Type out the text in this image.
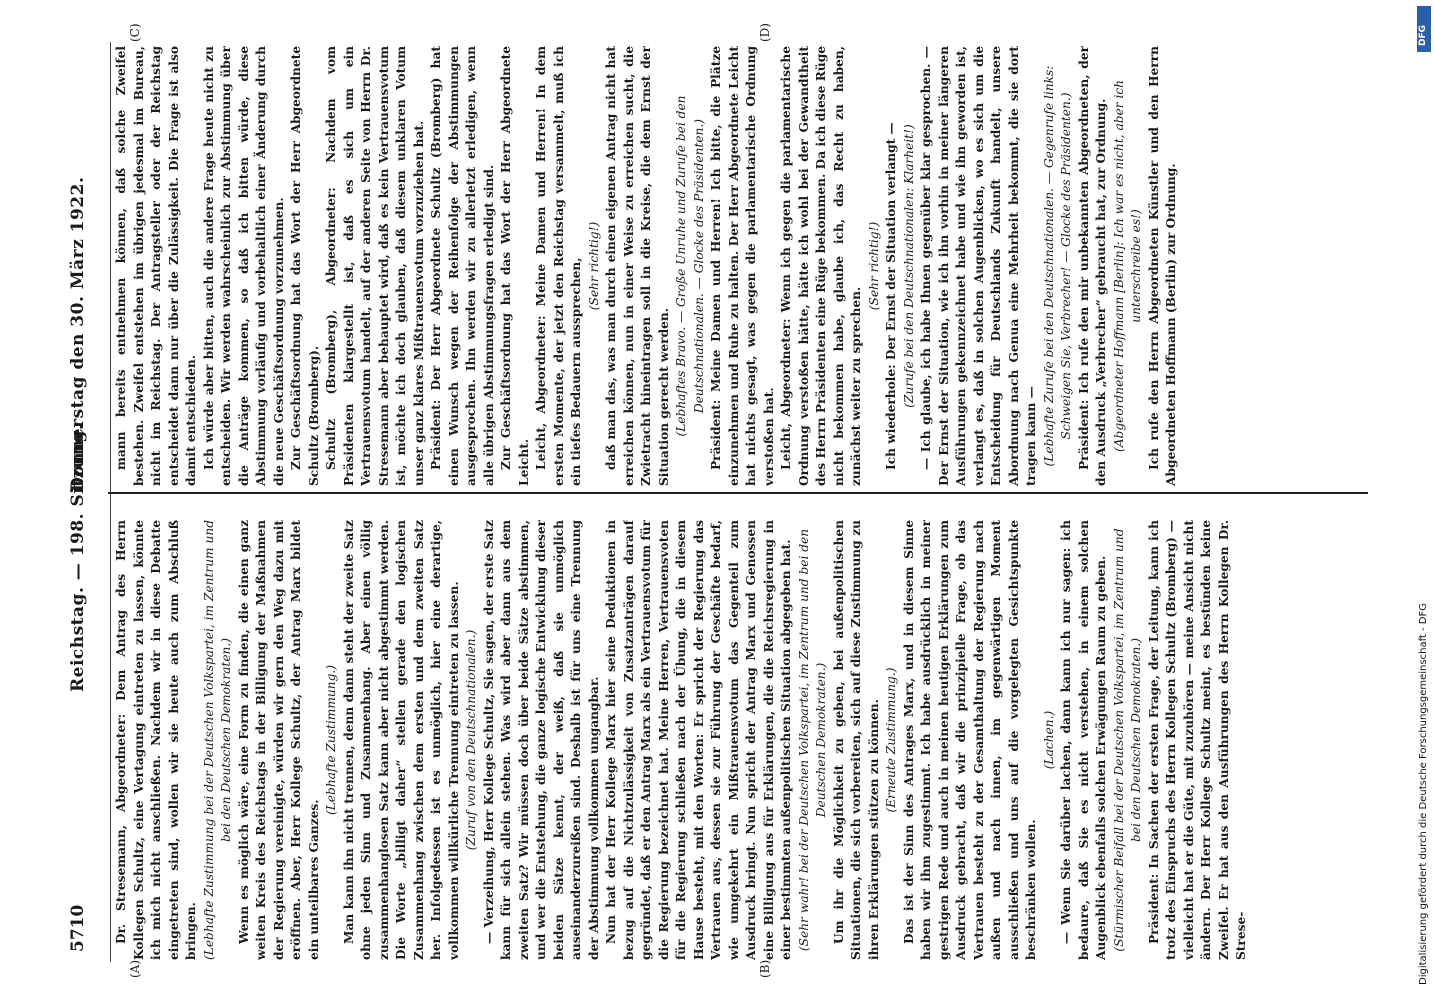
5710
Reichstag. — 198. Sitzung.
Donnerstag den 30. März 1922.
(A)	(B)
(C)	(D)

Dr. Stresemann, Abgeordneter: Dem Antrag des Herrn Kollegen Schultz, eine Vertagung eintreten zu lassen, könnte ich mich nicht anschließen. Nachdem wir in diese Debatte eingetreten sind, wollen wir sie heute auch zum Abschluß bringen. (Lebhafte Zustimmung bei der Deutschen Volkspartei, im Zentrum und bei den Deutschen Demokraten.) Wenn es möglich wäre, eine Form zu finden, die einen ganz weiten Kreis des Reichstags in der Billigung der Maßnahmen der Regierung vereinigte, würden wir gern den Weg dazu mit eröffnen. Aber, Herr Kollege Schultz, der Antrag Marx bildet ein unteilbares Ganzes.

(Lebhafte Zustimmung.) Man kann ihn nicht trennen, denn dann steht der zweite Satz ohne jeden Sinn und Zusammenhang. Aber einen völlig zusammenhanglosen Satz kann aber nicht abgestimmt werden. Die Worte „billigt daher“ stellen gerade den logischen Zusammenhang zwischen dem ersten und dem zweiten Satz her. Infolgedessen ist es unmöglich, hier eine derartige, vollkommen willkürliche Trennung eintreten zu lassen. (Zuruf von den Deutschnationalen.) — Verzeihung, Herr Kollege Schultz, Sie sagen, der erste Satz kann für sich allein stehen. Was wird aber dann aus dem zweiten Satz? Wir müssen doch über beide Sätze abstimmen, und wer die Entstehung, die ganze logische Entwicklung dieser beiden Sätze kennt, der weiß, daß sie unmöglich auseinanderzureißen sind. Deshalb ist für uns eine Trennung der Abstimmung vollkommen ungangbar. Nun hat der Herr Kollege Marx hier seine Deduktionen in bezug auf die Nichtzulässigkeit von Zusatzanträgen darauf gegründet, daß er den Antrag Marx als ein Vertrauensvotum für die Regierung bezeichnet hat. Meine Herren, Vertrauensvoten für die Regierung schließen nach der Übung, die in diesem Hause besteht, mit den Worten: Er spricht der Regierung das Vertrauen aus, dessen sie zur Führung der Geschäfte bedarf, wie umgekehrt ein Mißtrauensvotum das Gegenteil zum Ausdruck bringt. Nun spricht der Antrag Marx und Genossen eine Billigung aus für Erklärungen, die die Reichsregierung in einer bestimmten außenpolitischen Situation abgegeben hat. (Sehr wahr! bei der Deutschen Volkspartei, im Zentrum und bei den Deutschen Demokraten.) Um ihr die Möglichkeit zu geben, bei außenpolitischen Situationen, die sich vorbereiten, sich auf diese Zustimmung zu ihren Erklärungen stützen zu können. (Erneute Zustimmung.) Das ist der Sinn des Antrages Marx, und in diesem Sinne haben wir ihm zugestimmt. Ich habe ausdrücklich in meiner gestrigen Rede und auch in meinen heutigen Erklärungen zum Ausdruck gebracht, daß wir die prinzipielle Frage, ob das Vertrauen besteht zu der Gesamthaltung der Regierung nach außen und nach innen, im gegenwärtigen Moment ausschließen und uns auf die vorgelegten Gesichtspunkte beschränken wollen.

(Lachen.) — Wenn Sie darüber lachen, dann kann ich nur sagen: ich bedaure, daß Sie es nicht verstehen, in einem solchen Augenblick ebenfalls solchen Erwägungen Raum zu geben. (Stürmischer Beifall bei der Deutschen Volkspartei, im Zentrum und bei den Deutschen Demokraten.) Präsident: In Sachen der ersten Frage, der Leitung, kann ich trotz des Einspruchs des Herrn Kollegen Schultz (Bromberg) — vielleicht hat er die Güte, mit zuzuhören — meine Ansicht nicht ändern. Der Herr Kollege Schultz meint, es bestünden keine Zweifel. Er hat aus den Ausführungen des Herrn Kollegen Dr. Strese-

mann bereits entnehmen können, daß solche Zweifel bestehen. Zweifel entstehen im übrigen jedesmal im Bureau, nicht im Reichstag. Der Antragsteller oder der Reichstag entscheidet dann nur über die Zulässigkeit. Die Frage ist also damit entschieden. Ich würde aber bitten, auch die andere Frage heute nicht zu entscheiden. Wir werden wahrscheinlich zur Abstimmung über die Anträge kommen, so daß ich bitten würde, diese Abstimmung vorläufig und vorbehaltlich einer Änderung durch die neue Geschäftsordnung vorzunehmen. Zur Geschäftsordnung hat das Wort der Herr Abgeordnete Schultz (Bromberg). Schultz (Bromberg), Abgeordneter: Nachdem vom Präsidenten klargestellt ist, daß es sich um ein Vertrauensvotum handelt, auf der anderen Seite von Herrn Dr. Stresemann aber behauptet wird, daß es kein Vertrauensvotum ist, möchte ich doch glauben, daß diesem unklaren Votum unser ganz klares Mißtrauensvotum vorzuziehen hat. Präsident: Der Herr Abgeordnete Schultz (Bromberg) hat einen Wunsch wegen der Reihenfolge der Abstimmungen ausgesprochen. Ihn werden wir zu allerletzt erledigen, wenn alle übrigen Abstimmungsfragen erledigt sind. Zur Geschäftsordnung hat das Wort der Herr Abgeordnete Leicht. Leicht, Abgeordneter: Meine Damen und Herren! In dem ersten Momente, der jetzt den Reichstag versammelt, muß ich ein tiefes Bedauern aussprechen, (Sehr richtig!) daß man das, was man durch einen eigenen Antrag nicht hat erreichen können, nun in einer Weise zu erreichen sucht, die Zwietracht hineintragen soll in die Kreise, die dem Ernst der Situation gerecht werden. (Lebhaftes Bravo. — Große Unruhe und Zurufe bei den Deutschnationalen. — Glocke des Präsidenten.) Präsident: Meine Damen und Herren! Ich bitte, die Plätze einzunehmen und Ruhe zu halten. Der Herr Abgeordnete Leicht hat nichts gesagt, was gegen die parlamentarische Ordnung verstoßen hat. Leicht, Abgeordneter: Wenn ich gegen die parlamentarische Ordnung verstoßen hätte, hätte ich wohl bei der Gewandtheit des Herrn Präsidenten eine Rüge bekommen. Da ich diese Rüge nicht bekommen habe, glaube ich, das Recht zu haben, zunächst weiter zu sprechen.

(Sehr richtig!) Ich wiederhole: Der Ernst der Situation verlangt — (Zurufe bei den Deutschnationalen: Klarheit!) — Ich glaube, ich habe Ihnen gegenüber klar gesprochen. — Der Ernst der Situation, wie ich ihn vorhin in meiner längeren Ausführungen gekennzeichnet habe und wie ihn geworden ist, verlangt es, daß in solchen Augenblicken, wo es sich um die Entscheidung für Deutschlands Zukunft handelt, unsere Abordnung nach Genua eine Mehrheit bekommt, die sie dort tragen kann — (Lebhafte Zurufe bei den Deutschnationalen. — Gegenrufe links: Schweigen Sie, Verbrecher! — Glocke des Präsidenten.) Präsident: Ich rufe den mir unbekannten Abgeordneten, der den Ausdruck „Verbrecher“ gebraucht hat, zur Ordnung. (Abgeordneter Hoffmann [Berlin]: Ich war es nicht, aber ich unterschreibe es!) Ich rufe den Herrn Abgeordneten Künstler und den Herrn Abgeordneten Hoffmann (Berlin) zur Ordnung.

Digitalisierung gefördert durch die Deutsche Forschungsgemeinschaft - DFG
DFG
